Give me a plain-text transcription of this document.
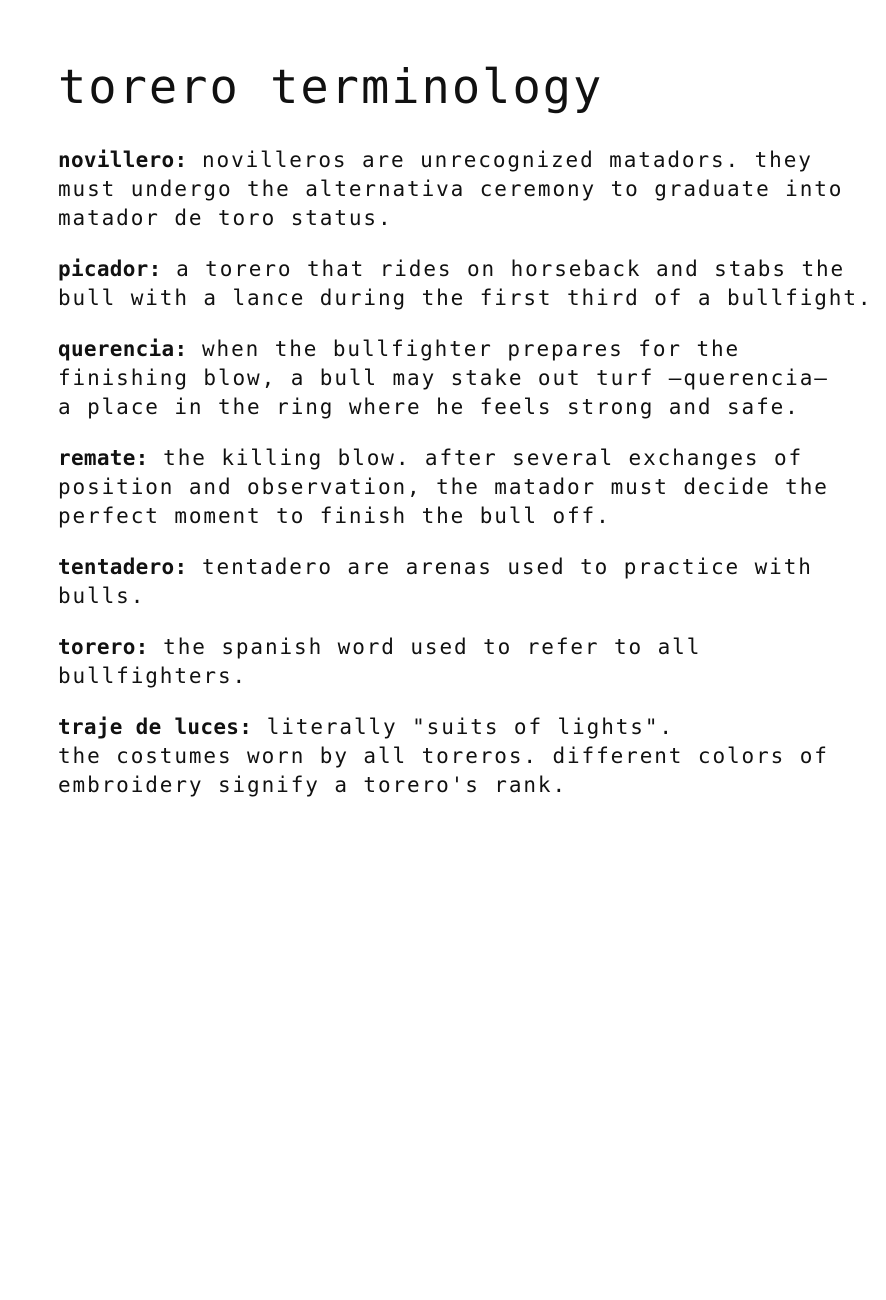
torero terminology

novillero: novilleros are unrecognized matadors. they
must undergo the alternativa ceremony to graduate into
matador de toro status.

picador: a torero that rides on horseback and stabs the
bull with a lance during the first third of a bullfight.

querencia: when the bullfighter prepares for the
finishing blow, a bull may stake out turf —querencia—
a place in the ring where he feels strong and safe.

remate: the killing blow. after several exchanges of
position and observation, the matador must decide the
perfect moment to finish the bull off.

tentadero: tentadero are arenas used to practice with
bulls.

torero: the spanish word used to refer to all
bullfighters.

traje de luces: literally "suits of lights".
the costumes worn by all toreros. different colors of
embroidery signify a torero's rank.
